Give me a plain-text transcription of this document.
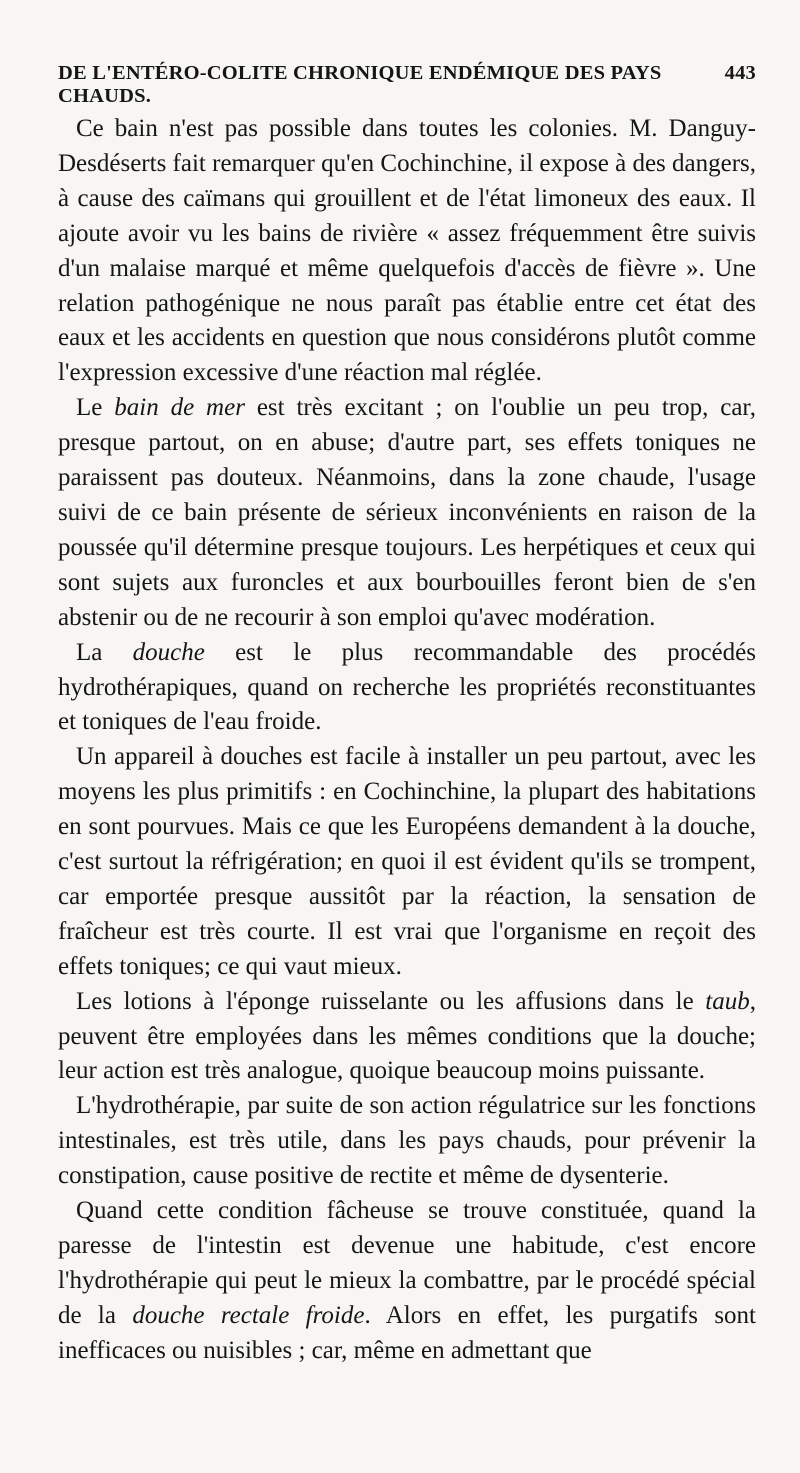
DE L'ENTÉRO-COLITE CHRONIQUE ENDÉMIQUE DES PAYS CHAUDS.
443

Ce bain n'est pas possible dans toutes les colonies. M. Danguy-Desdéserts fait remarquer qu'en Cochinchine, il expose à des dangers, à cause des caïmans qui grouillent et de l'état limoneux des eaux. Il ajoute avoir vu les bains de rivière « assez fréquemment être suivis d'un malaise marqué et même quelquefois d'accès de fièvre ». Une relation pathogénique ne nous paraît pas établie entre cet état des eaux et les accidents en question que nous considérons plutôt comme l'expression excessive d'une réaction mal réglée.

Le bain de mer est très excitant ; on l'oublie un peu trop, car, presque partout, on en abuse; d'autre part, ses effets toniques ne paraissent pas douteux. Néanmoins, dans la zone chaude, l'usage suivi de ce bain présente de sérieux inconvénients en raison de la poussée qu'il détermine presque toujours. Les herpétiques et ceux qui sont sujets aux furoncles et aux bourbouilles feront bien de s'en abstenir ou de ne recourir à son emploi qu'avec modération.

La douche est le plus recommandable des procédés hydrothérapiques, quand on recherche les propriétés reconstituantes et toniques de l'eau froide.

Un appareil à douches est facile à installer un peu partout, avec les moyens les plus primitifs : en Cochinchine, la plupart des habitations en sont pourvues. Mais ce que les Européens demandent à la douche, c'est surtout la réfrigération; en quoi il est évident qu'ils se trompent, car emportée presque aussitôt par la réaction, la sensation de fraîcheur est très courte. Il est vrai que l'organisme en reçoit des effets toniques; ce qui vaut mieux.

Les lotions à l'éponge ruisselante ou les affusions dans le taub, peuvent être employées dans les mêmes conditions que la douche; leur action est très analogue, quoique beaucoup moins puissante.

L'hydrothérapie, par suite de son action régulatrice sur les fonctions intestinales, est très utile, dans les pays chauds, pour prévenir la constipation, cause positive de rectite et même de dysenterie.

Quand cette condition fâcheuse se trouve constituée, quand la paresse de l'intestin est devenue une habitude, c'est encore l'hydrothérapie qui peut le mieux la combattre, par le procédé spécial de la douche rectale froide. Alors en effet, les purgatifs sont inefficaces ou nuisibles ; car, même en admettant que
